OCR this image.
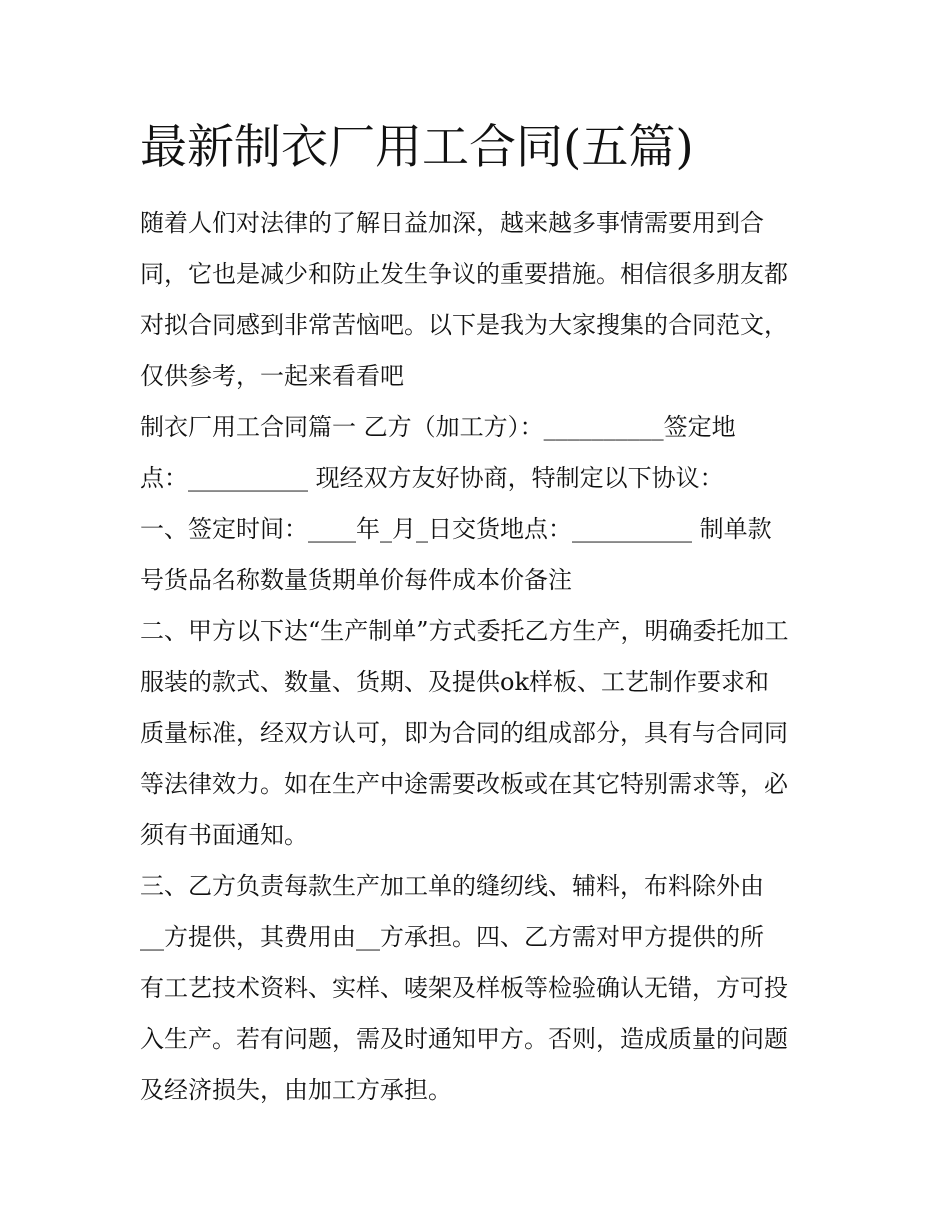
最新制衣厂用工合同(五篇)
随着人们对法律的了解日益加深，越来越多事情需要用到合
同，它也是减少和防止发生争议的重要措施。相信很多朋友都
对拟合同感到非常苦恼吧。以下是我为大家搜集的合同范文，
仅供参考，一起来看看吧
制衣厂用工合同篇一 乙方（加工方）：__________签定地
点：__________ 现经双方友好协商，特制定以下协议：
一、签定时间：____年_月_日交货地点：__________ 制单款
号货品名称数量货期单价每件成本价备注
二、甲方以下达“生产制单”方式委托乙方生产，明确委托加工
服装的款式、数量、货期、及提供ok样板、工艺制作要求和
质量标准，经双方认可，即为合同的组成部分，具有与合同同
等法律效力。如在生产中途需要改板或在其它特别需求等，必
须有书面通知。
三、乙方负责每款生产加工单的缝纫线、辅料，布料除外由
__方提供，其费用由__方承担。四、乙方需对甲方提供的所
有工艺技术资料、实样、唛架及样板等检验确认无错，方可投
入生产。若有问题，需及时通知甲方。否则，造成质量的问题
及经济损失，由加工方承担。
